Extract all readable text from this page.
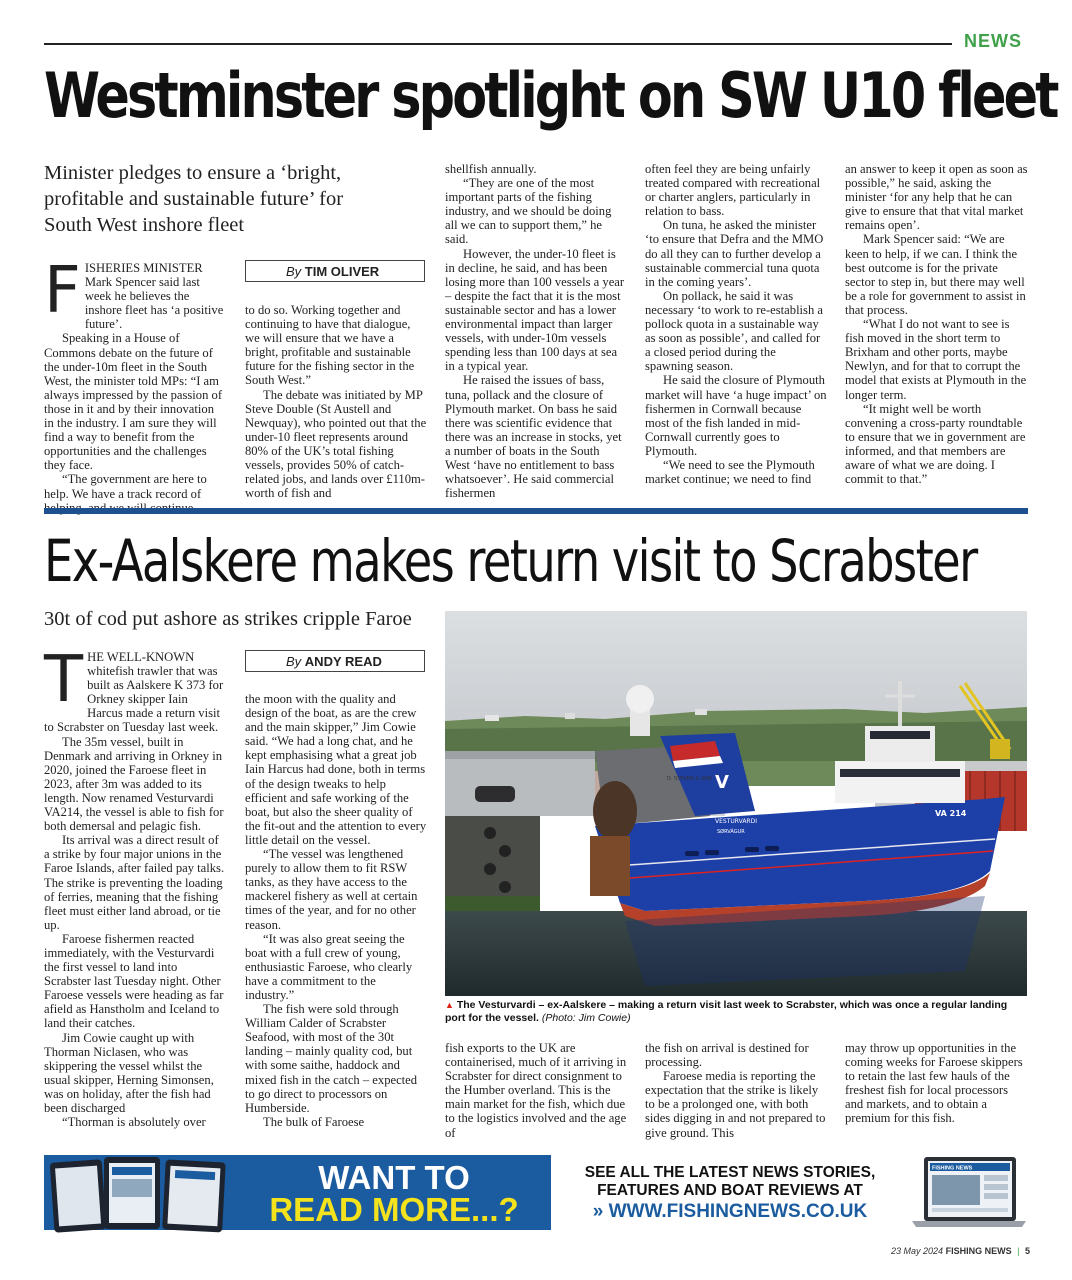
NEWS
Westminster spotlight on SW U10 fleet
Minister pledges to ensure a ‘bright, profitable and sustainable future’ for South West inshore fleet
F ISHERIES MINISTER Mark Spencer said last week he believes the inshore fleet has ‘a positive future’.

Speaking in a House of Commons debate on the future of the under-10m fleet in the South West, the minister told MPs: “I am always impressed by the passion of those in it and by their innovation in the industry. I am sure they will find a way to benefit from the opportunities and the challenges they face.

“The government are here to help. We have a track record of

By TIM OLIVER

to do so. Working together and continuing to have that dialogue, we will ensure that we have a bright, profitable and sustainable future for the fishing sector in the South West.”

The debate was initiated by MP Steve Double (St Austell and Newquay), who pointed out that the under-10 fleet represents around 80% of the UK’s total fishing vessels, provides 50% of catch-related jobs, and lands over £110m-worth of fish and

shellfish annually.

“They are one of the most important parts of the fishing industry, and we should be doing all we can to support them,” he said.

However, the under-10 fleet is in decline, he said, and has been losing more than 100 vessels a year – despite the fact that it is the most sustainable sector and has a lower environmental impact than larger vessels, with under-10m vessels spending less than 100 days at sea in a typical year.

He raised the issues of bass, tuna, pollack and the closure of Plymouth market. On bass he said there was scientific evidence that there was an increase in stocks, yet a number of boats in the South West ‘have no entitlement to bass whatsoever’. He said commercial fishermen

often feel they are being unfairly treated compared with recreational or charter anglers, particularly in relation to bass.

On tuna, he asked the minister ‘to ensure that Defra and the MMO do all they can to further develop a sustainable commercial tuna quota in the coming years’.

On pollack, he said it was necessary ‘to work to re-establish a pollock quota in a sustainable way as soon as possible’, and called for a closed period during the spawning season.

He said the closure of Plymouth market will have ‘a huge impact’ on fishermen in Cornwall because most of the fish landed in mid-Cornwall currently goes to Plymouth.

“We need to see the Plymouth market continue; we need to find

an answer to keep it open as soon as possible,” he said, asking the minister ‘for any help that he can give to ensure that that vital market remains open’.

Mark Spencer said: “We are keen to help, if we can. I think the best outcome is for the private sector to step in, but there may well be a role for government to assist in that process.

“What I do not want to see is fish moved in the short term to Brixham and other ports, maybe Newlyn, and for that to corrupt the model that exists at Plymouth in the longer term.

“It might well be worth convening a cross-party roundtable to ensure that we in government are informed, and that members are aware of what we are doing. I commit to that.”

Ex-Aalskere makes return visit to Scrabster
30t of cod put ashore as strikes cripple Faroe
T HE WELL-KNOWN whitefish trawler that was built as Aalskere K 373 for Orkney skipper Iain Harcus made a return visit to Scrabster on Tuesday last week.

The 35m vessel, built in Denmark and arriving in Orkney in 2020, joined the Faroese fleet in 2023, after 3m was added to its length. Now renamed Vesturvardi VA214, the vessel is able to fish for both demersal and pelagic fish.

Its arrival was a direct result of a strike by four major unions in the Faroe Islands, after failed pay talks. The strike is preventing the loading of ferries, meaning that the fishing fleet must either land abroad, or tie up.

Faroese fishermen reacted immediately, with the Vesturvardi the first vessel to land into Scrabster last Tuesday night. Other Faroese vessels were heading as far afield as Hanstholm and Iceland to land their catches.

Jim Cowie caught up with Thorman Niclasen, who was skippering the vessel whilst the usual skipper, Herning Simonsen, was on holiday, after the fish had been discharged

“Thorman is absolutely over

By ANDY READ

the moon with the quality and design of the boat, as are the crew and the main skipper,” Jim Cowie said. “We had a long chat, and he kept emphasising what a great job Iain Harcus had done, both in terms of the design tweaks to help efficient and safe working of the boat, but also the sheer quality of the fit-out and the attention to every little detail on the vessel.

“The vessel was lengthened purely to allow them to fit RSW tanks, as they have access to the mackerel fishery as well at certain times of the year, and for no other reason.

“It was also great seeing the boat with a full crew of young, enthusiastic Faroese, who clearly have a commitment to the industry.”

The fish were sold through William Calder of Scrabster Seafood, with most of the 30t landing – mainly quality cod, but with some saithe, haddock and mixed fish in the catch – expected to go direct to processors on Humberside.

The bulk of Faroese

V
VESTURVARDI
SØRVÁGUR
VA 214
D. STEVEN & SON
▲ The Vesturvardi – ex-Aalskere – making a return visit last week to Scrabster, which was once a regular landing port for the vessel. (Photo: Jim Cowie)

fish exports to the UK are containerised, much of it arriving in Scrabster for direct consignment to the Humber overland. This is the main market for the fish, which due to the logistics involved and the age of

the fish on arrival is destined for processing.

Faroese media is reporting the expectation that the strike is likely to be a prolonged one, with both sides digging in and not prepared to give ground. This

may throw up opportunities in the coming weeks for Faroese skippers to retain the last few hauls of the freshest fish for local processors and markets, and to obtain a premium for this fish.

WANT TO
READ MORE...?
SEE ALL THE LATEST NEWS STORIES,
FEATURES AND BOAT REVIEWS AT
» WWW.FISHINGNEWS.CO.UK
FISHING NEWS
23 May 2024 FISHING NEWS | 5
